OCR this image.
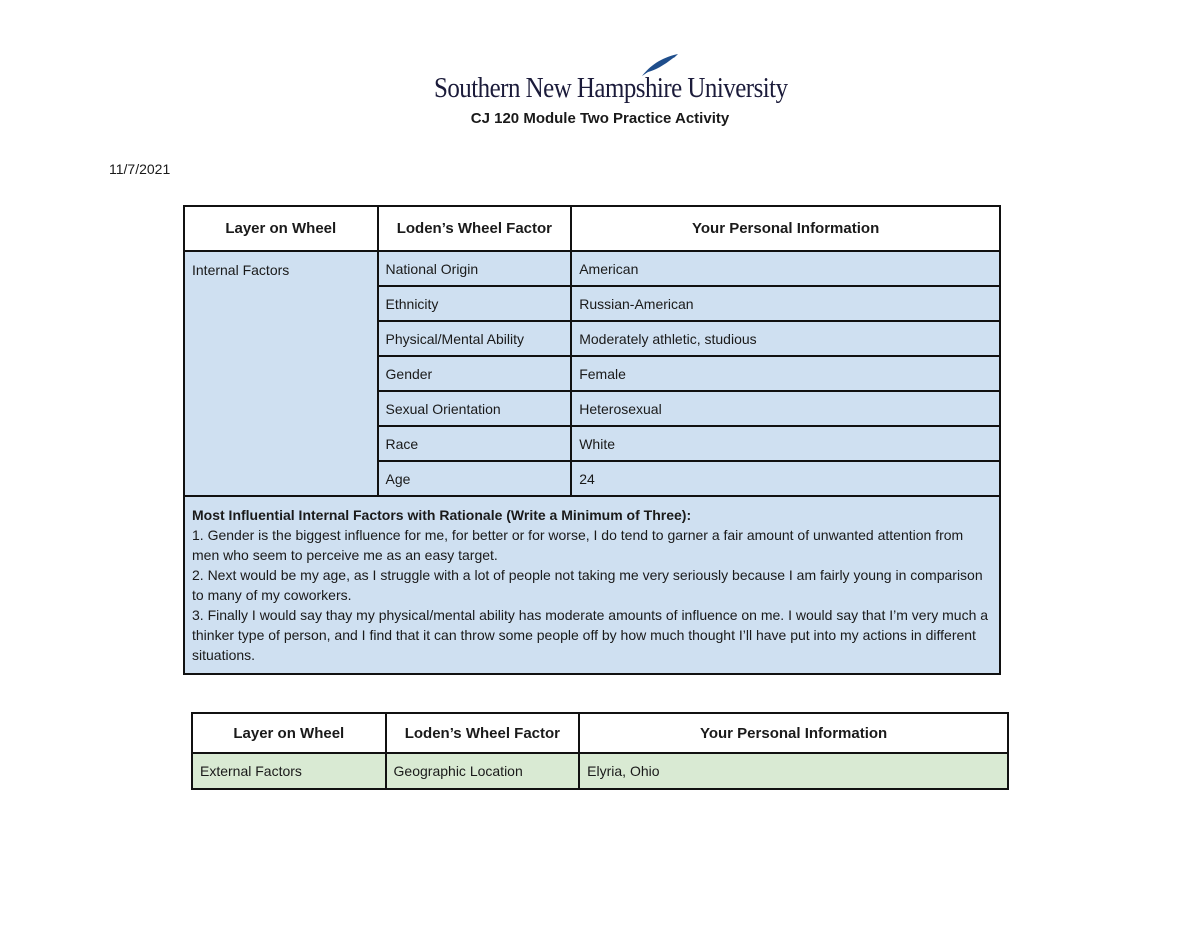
Southern New Hampshire University
CJ 120 Module Two Practice Activity
11/7/2021
Layer on Wheel	Loden’s Wheel Factor	Your Personal Information
Internal Factors	National Origin	American
	Ethnicity	Russian-American
	Physical/Mental Ability	Moderately athletic, studious
	Gender	Female
	Sexual Orientation	Heterosexual
	Race	White
	Age	24

Most Influential Internal Factors with Rationale (Write a Minimum of Three):
1. Gender is the biggest influence for me, for better or for worse, I do tend to garner a fair amount of unwanted attention from men who seem to perceive me as an easy target.
2. Next would be my age, as I struggle with a lot of people not taking me very seriously because I am fairly young in comparison to many of my coworkers.
3. Finally I would say thay my physical/mental ability has moderate amounts of influence on me. I would say that I’m very much a thinker type of person, and I find that it can throw some people off by how much thought I’ll have put into my actions in different situations.		
Layer on Wheel	Loden’s Wheel Factor	Your Personal Information
External Factors	Geographic Location	Elyria, Ohio
